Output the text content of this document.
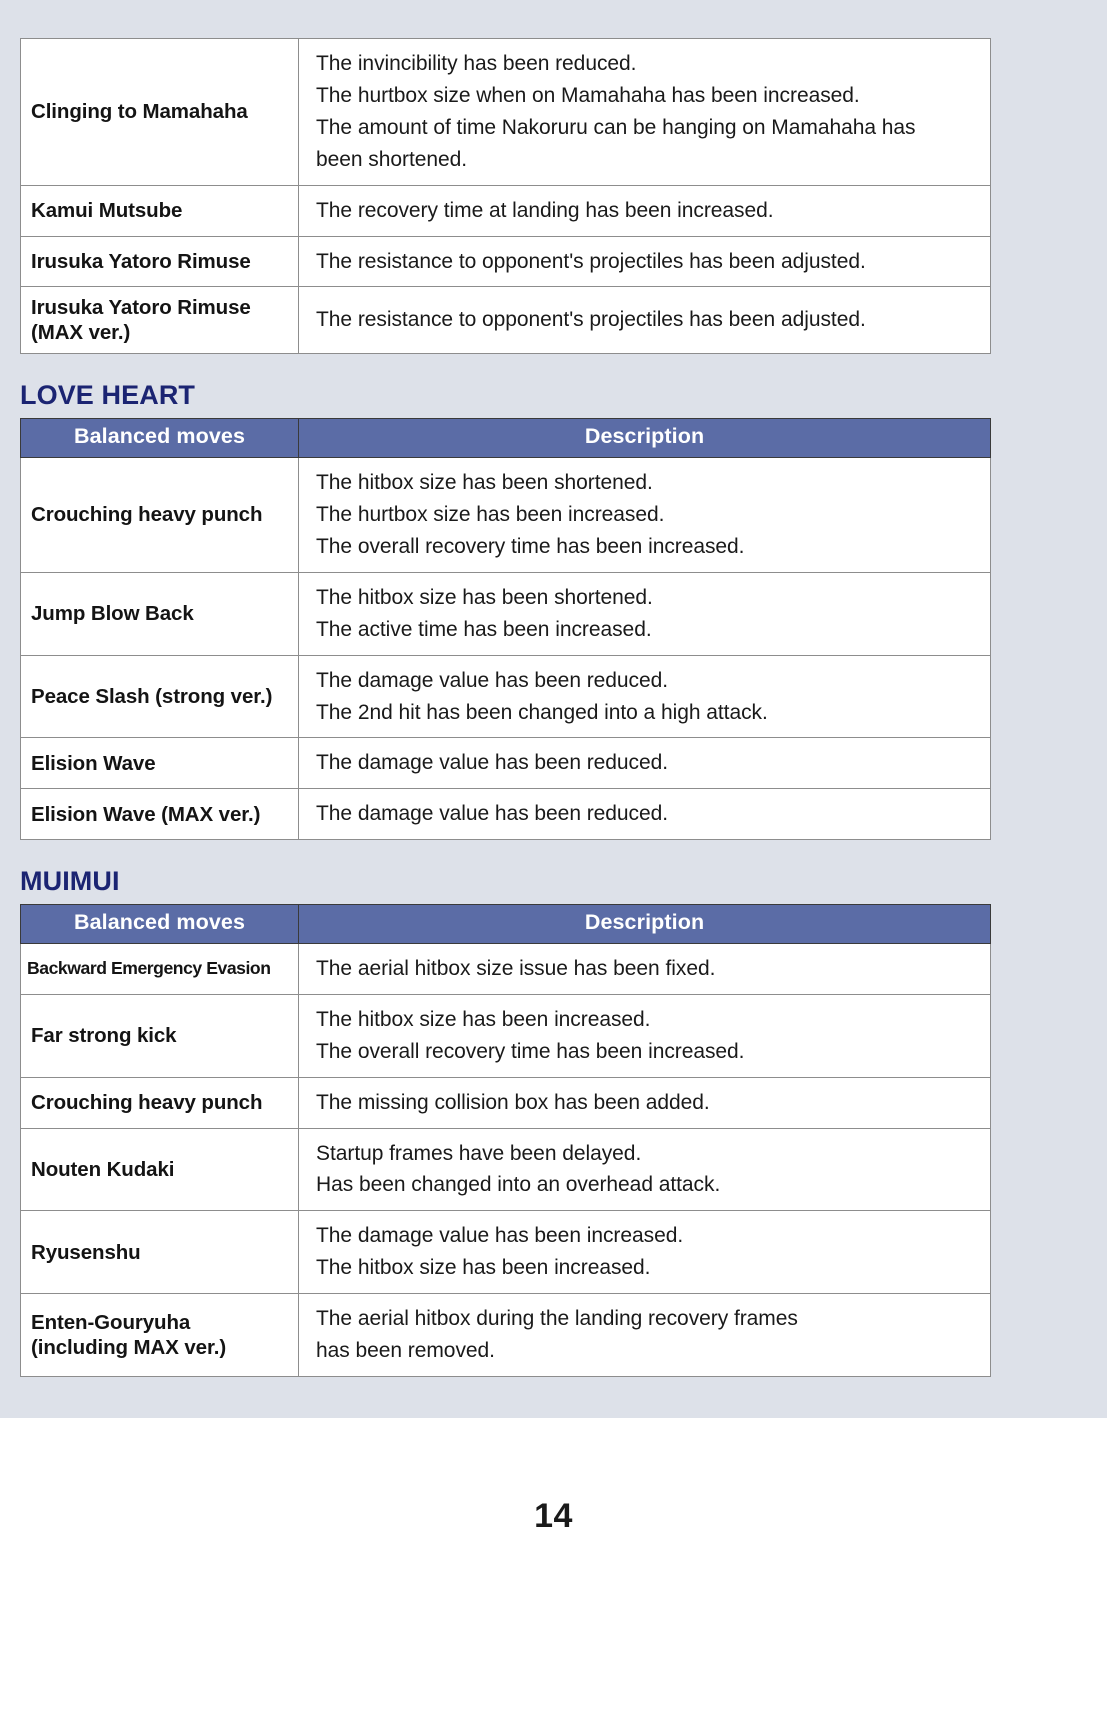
Clinging to Mamahaha	The invincibility has been reduced.
The hurtbox size when on Mamahaha has been increased.
The amount of time Nakoruru can be hanging on Mamahaha has
been shortened.

Kamui Mutsube	The recovery time at landing has been increased.

Irusuka Yatoro Rimuse	The resistance to opponent's projectiles has been adjusted.

Irusuka Yatoro Rimuse
(MAX ver.)	The resistance to opponent's projectiles has been adjusted.
LOVE HEART
Balanced moves	Description
Crouching heavy punch	The hitbox size has been shortened.
The hurtbox size has been increased.
The overall recovery time has been increased.

Jump Blow Back	The hitbox size has been shortened.
The active time has been increased.

Peace Slash (strong ver.)	The damage value has been reduced.
The 2nd hit has been changed into a high attack.

Elision Wave	The damage value has been reduced.

Elision Wave (MAX ver.)	The damage value has been reduced.
MUIMUI
Balanced moves	Description
Backward Emergency Evasion	The aerial hitbox size issue has been fixed.

Far strong kick	The hitbox size has been increased.
The overall recovery time has been increased.

Crouching heavy punch	The missing collision box has been added.

Nouten Kudaki	Startup frames have been delayed.
Has been changed into an overhead attack.

Ryusenshu	The damage value has been increased.
The hitbox size has been increased.

Enten-Gouryuha
(including MAX ver.)	The aerial hitbox during the landing recovery frames
has been removed.
14
